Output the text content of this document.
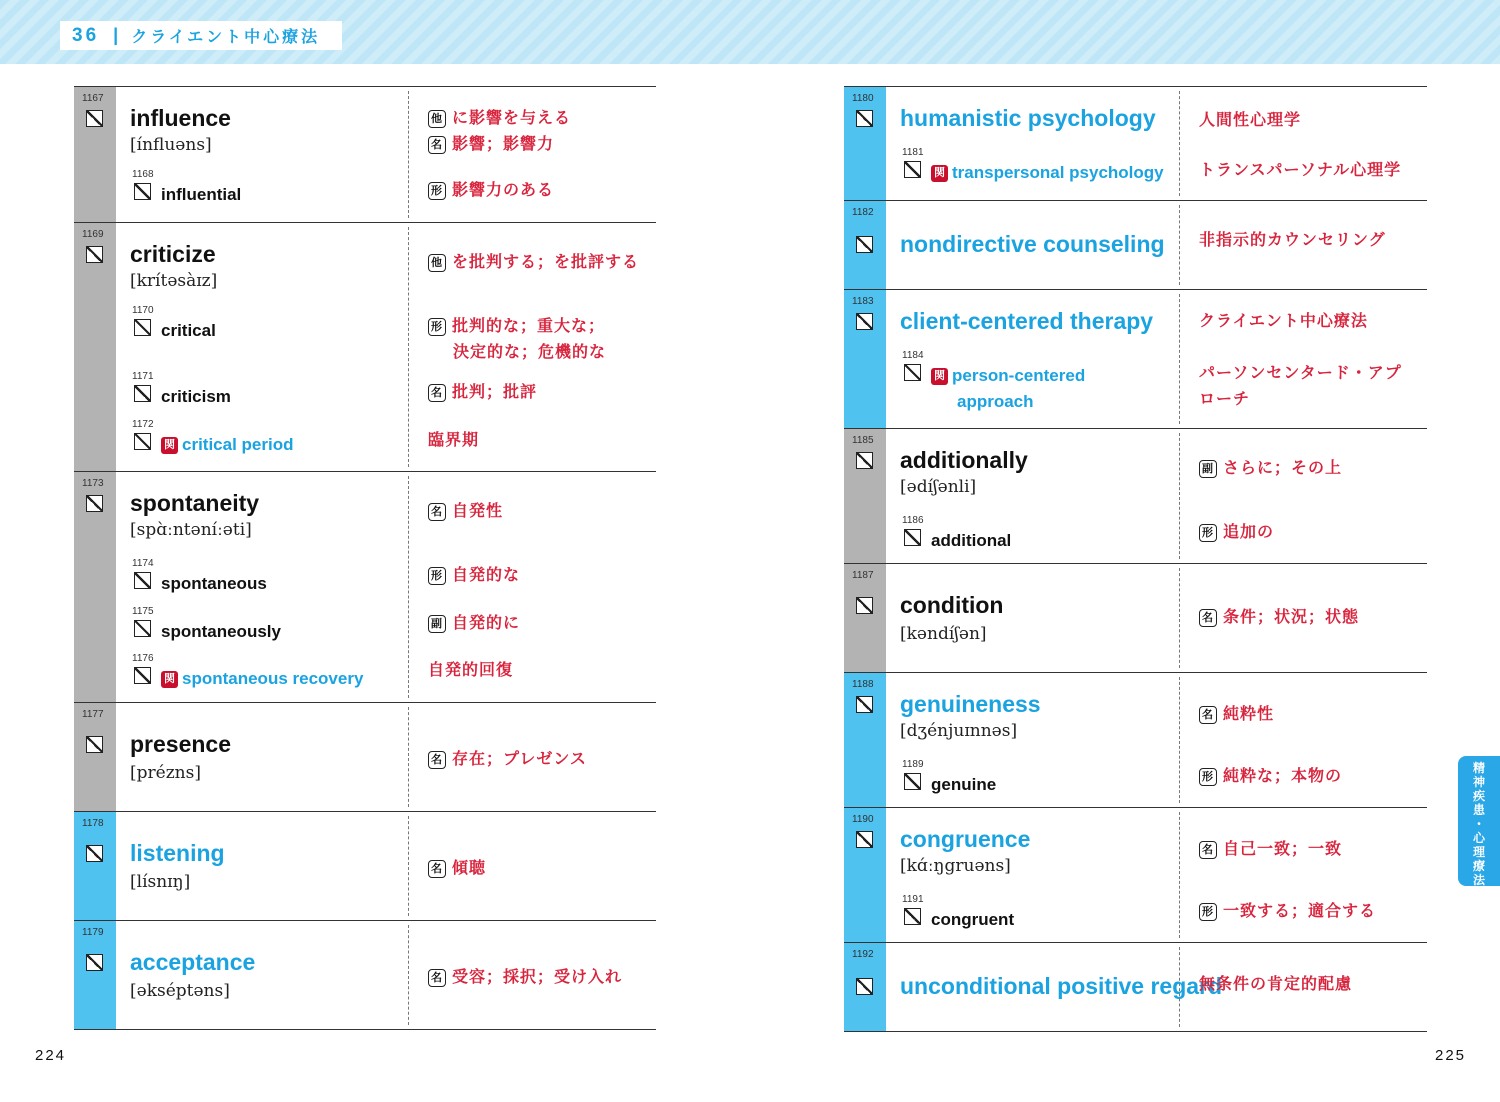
36 | クライエント中心療法
1167
influence
[ínfluəns]
他 に影響を与える
名 影響；影響力
1168
influential	形 影響力のある
1169
criticize
[krítəsàɪz]
他 を批判する；を批評する
1170
critical	形 批判的な；重大な；
決定的な；危機的な
1171
criticism	名 批判；批評
1172
関 critical period	臨界期
1173
spontaneity
[spɑ̀ːntəníːəti]
名 自発性
1174
spontaneous	形 自発的な
1175
spontaneously	副 自発的に
1176
関 spontaneous recovery	自発的回復
1177
presence
[prézns]
名 存在；プレゼンス
1178
listening
[lísnɪŋ]
名 傾聴
1179
acceptance
[əkséptəns]
名 受容；採択；受け入れ
1180
humanistic psychology	人間性心理学
1181
関 transpersonal psychology トランスパーソナル心理学
1182
nondirective counseling 非指示的カウンセリング
1183
client-centered therapy	クライエント中心療法
1184
関 person-centered
approach
パーソンセンタード・アプ
ローチ
1185
additionally
[ədíʃənli]
副 さらに；その上
1186
additional	形 追加の
1187
condition
[kəndíʃən]
名 条件；状況；状態
1188
genuineness
[dʒénjuɪnnəs]
名 純粋性
1189
genuine	形 純粋な；本物の
1190
congruence
[kɑ́ːŋgruəns]
名 自己一致；一致
1191
congruent	形 一致する；適合する
1192
unconditional positive regard
無条件の肯定的配慮
224	225
精
神
疾
患
・
心
理
療
法
